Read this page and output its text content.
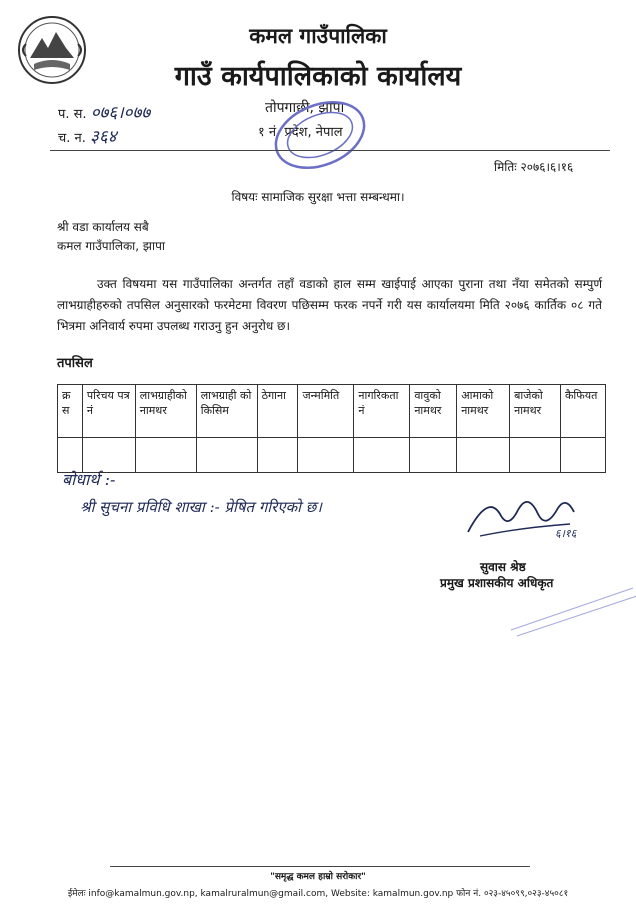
कमल गाउँपालिका
गाउँ कार्यपालिकाको कार्यालय
तोपगाछी, झापा
१ नं. प्रदेश, नेपाल
प. स. ०७६।०७७
च. न. ३६४
मितिः २०७६।६।१६
विषयः सामाजिक सुरक्षा भत्ता सम्बन्धमा।
श्री वडा कार्यालय सबै
कमल गाउँपालिका, झापा
उक्त विषयमा यस गाउँपालिका अन्तर्गत तहाँ वडाको हाल सम्म खाईपाई आएका पुराना तथा नँया समेतको सम्पुर्ण लाभग्राहीहरुको तपसिल अनुसारको फरमेटमा विवरण पछिसम्म फरक नपर्ने गरी यस कार्यालयमा मिति २०७६ कार्तिक ०८ गते भित्रमा अनिवार्य रुपमा उपलब्ध गराउनु हुन अनुरोध छ।
तपसिल
क्र स	परिचय पत्र नं	लाभग्राहीको नामथर	लाभग्राही को किसिम	ठेगाना	जन्ममिति	नागरिकता नं	वावुको नामथर	आमाको नामथर	बाजेको नामथर	कैफियत

बोधार्थ :-
श्री सुचना प्रविधि शाखा :- प्रेषित गरिएको छ।
६।१६
सुवास श्रेष्ठ
प्रमुख प्रशासकीय अधिकृत
"समृद्ध कमल हाम्रो सरोकार"
ईमेलः info@kamalmun.gov.np, kamalruralmun@gmail.com, Website: kamalmun.gov.np फोन नं. ०२३-४५०९९,०२३-४५०८१
